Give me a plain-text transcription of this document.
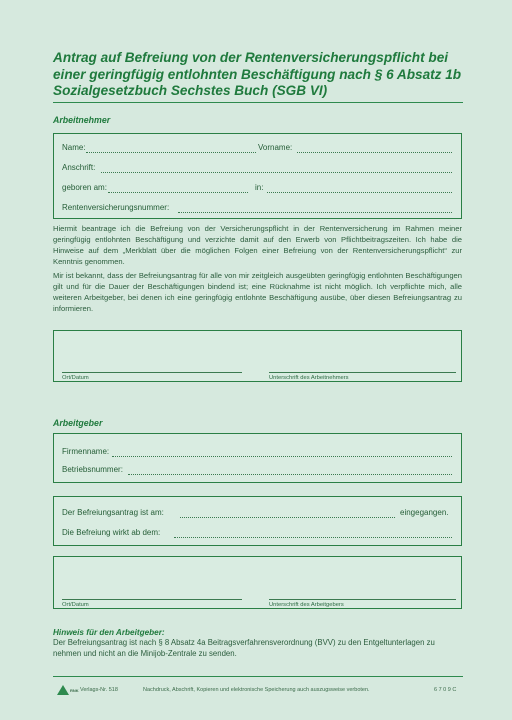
Antrag auf Befreiung von der Rentenversicherungspflicht bei
einer geringfügig entlohnten Beschäftigung nach § 6 Absatz 1b
Sozialgesetzbuch Sechstes Buch (SGB VI)
Arbeitnehmer
Name:	Vorname:
Anschrift:
geboren am:	in:
Rentenversicherungsnummer:
Hiermit beantrage ich die Befreiung von der Versicherungspflicht in der Rentenversicherung im Rahmen meiner geringfügig entlohnten Beschäftigung und verzichte damit auf den Erwerb von Pflichtbeitragszeiten. Ich habe die Hinweise auf dem „Merkblatt über die möglichen Folgen einer Befreiung von der Rentenversicherungspflicht“ zur Kenntnis genommen.
Mir ist bekannt, dass der Befreiungsantrag für alle von mir zeitgleich ausgeübten geringfügig entlohnten Beschäftigungen gilt und für die Dauer der Beschäftigungen bindend ist; eine Rücknahme ist nicht möglich. Ich verpflichte mich, alle weiteren Arbeitgeber, bei denen ich eine geringfügig entlohnte Beschäftigung ausübe, über diesen Befreiungsantrag zu informieren.
Ort/Datum	Unterschrift des Arbeitnehmers
Arbeitgeber
Firmenname:
Betriebsnummer:
Der Befreiungsantrag ist am:	eingegangen.
Die Befreiung wirkt ab dem:
Ort/Datum	Unterschrift des Arbeitgebers
Hinweis für den Arbeitgeber:
Der Befreiungsantrag ist nach § 8 Absatz 4a Beitragsverfahrensverordnung (BVV) zu den Entgeltunterlagen zu nehmen und nicht an die Minijob-Zentrale zu senden.
RNK Verlags-Nr. 518	Nachdruck, Abschrift, Kopieren und elektronische Speicherung auch auszugsweise verboten.	6 7 0 9 C
